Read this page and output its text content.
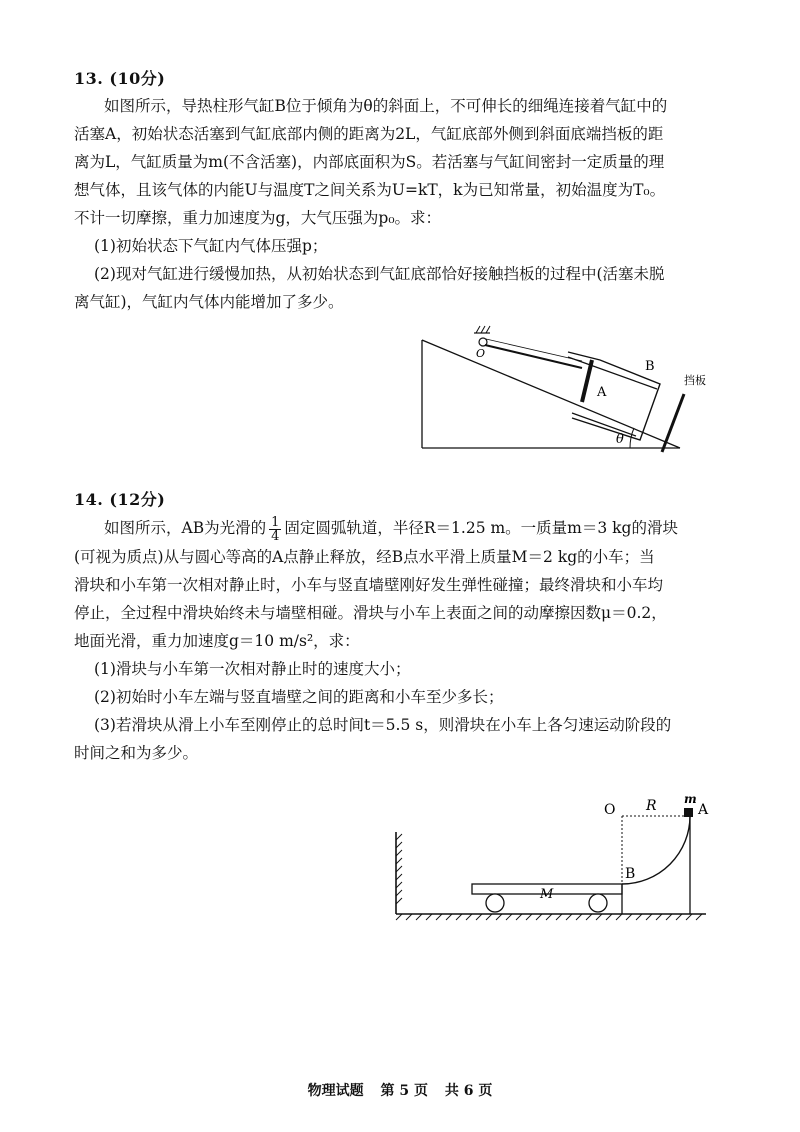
13. (10分)

如图所示，导热柱形气缸B位于倾角为θ的斜面上，不可伸长的细绳连接着气缸中的

活塞A，初始状态活塞到气缸底部内侧的距离为2L，气缸底部外侧到斜面底端挡板的距

离为L，气缸质量为m(不含活塞)，内部底面积为S。若活塞与气缸间密封一定质量的理

想气体，且该气体的内能U与温度T之间关系为U=kT，k为已知常量，初始温度为T₀。

不计一切摩擦，重力加速度为g，大气压强为p₀。求：

(1)初始状态下气缸内气体压强p；

(2)现对气缸进行缓慢加热，从初始状态到气缸底部恰好接触挡板的过程中(活塞未脱

离气缸)，气缸内气体内能增加了多少。

O
A
B
挡板
θ
14. (12分)

如图所示，AB为光滑的 $\frac{1}{4}$ 固定圆弧轨道，半径R＝1.25 m。一质量m＝3 kg的滑块

(可视为质点)从与圆心等高的A点静止释放，经B点水平滑上质量M＝2 kg的小车；当

滑块和小车第一次相对静止时，小车与竖直墙壁刚好发生弹性碰撞；最终滑块和小车均

停止，全过程中滑块始终未与墙壁相碰。滑块与小车上表面之间的动摩擦因数μ＝0.2，

地面光滑，重力加速度g＝10 m/s²，求：

(1)滑块与小车第一次相对静止时的速度大小；

(2)初始时小车左端与竖直墙壁之间的距离和小车至少多长；

(3)若滑块从滑上小车至刚停止的总时间t＝5.5 s，则滑块在小车上各匀速运动阶段的

时间之和为多少。

M
O R m
A
B
物理试题 第 5 页 共 6 页
